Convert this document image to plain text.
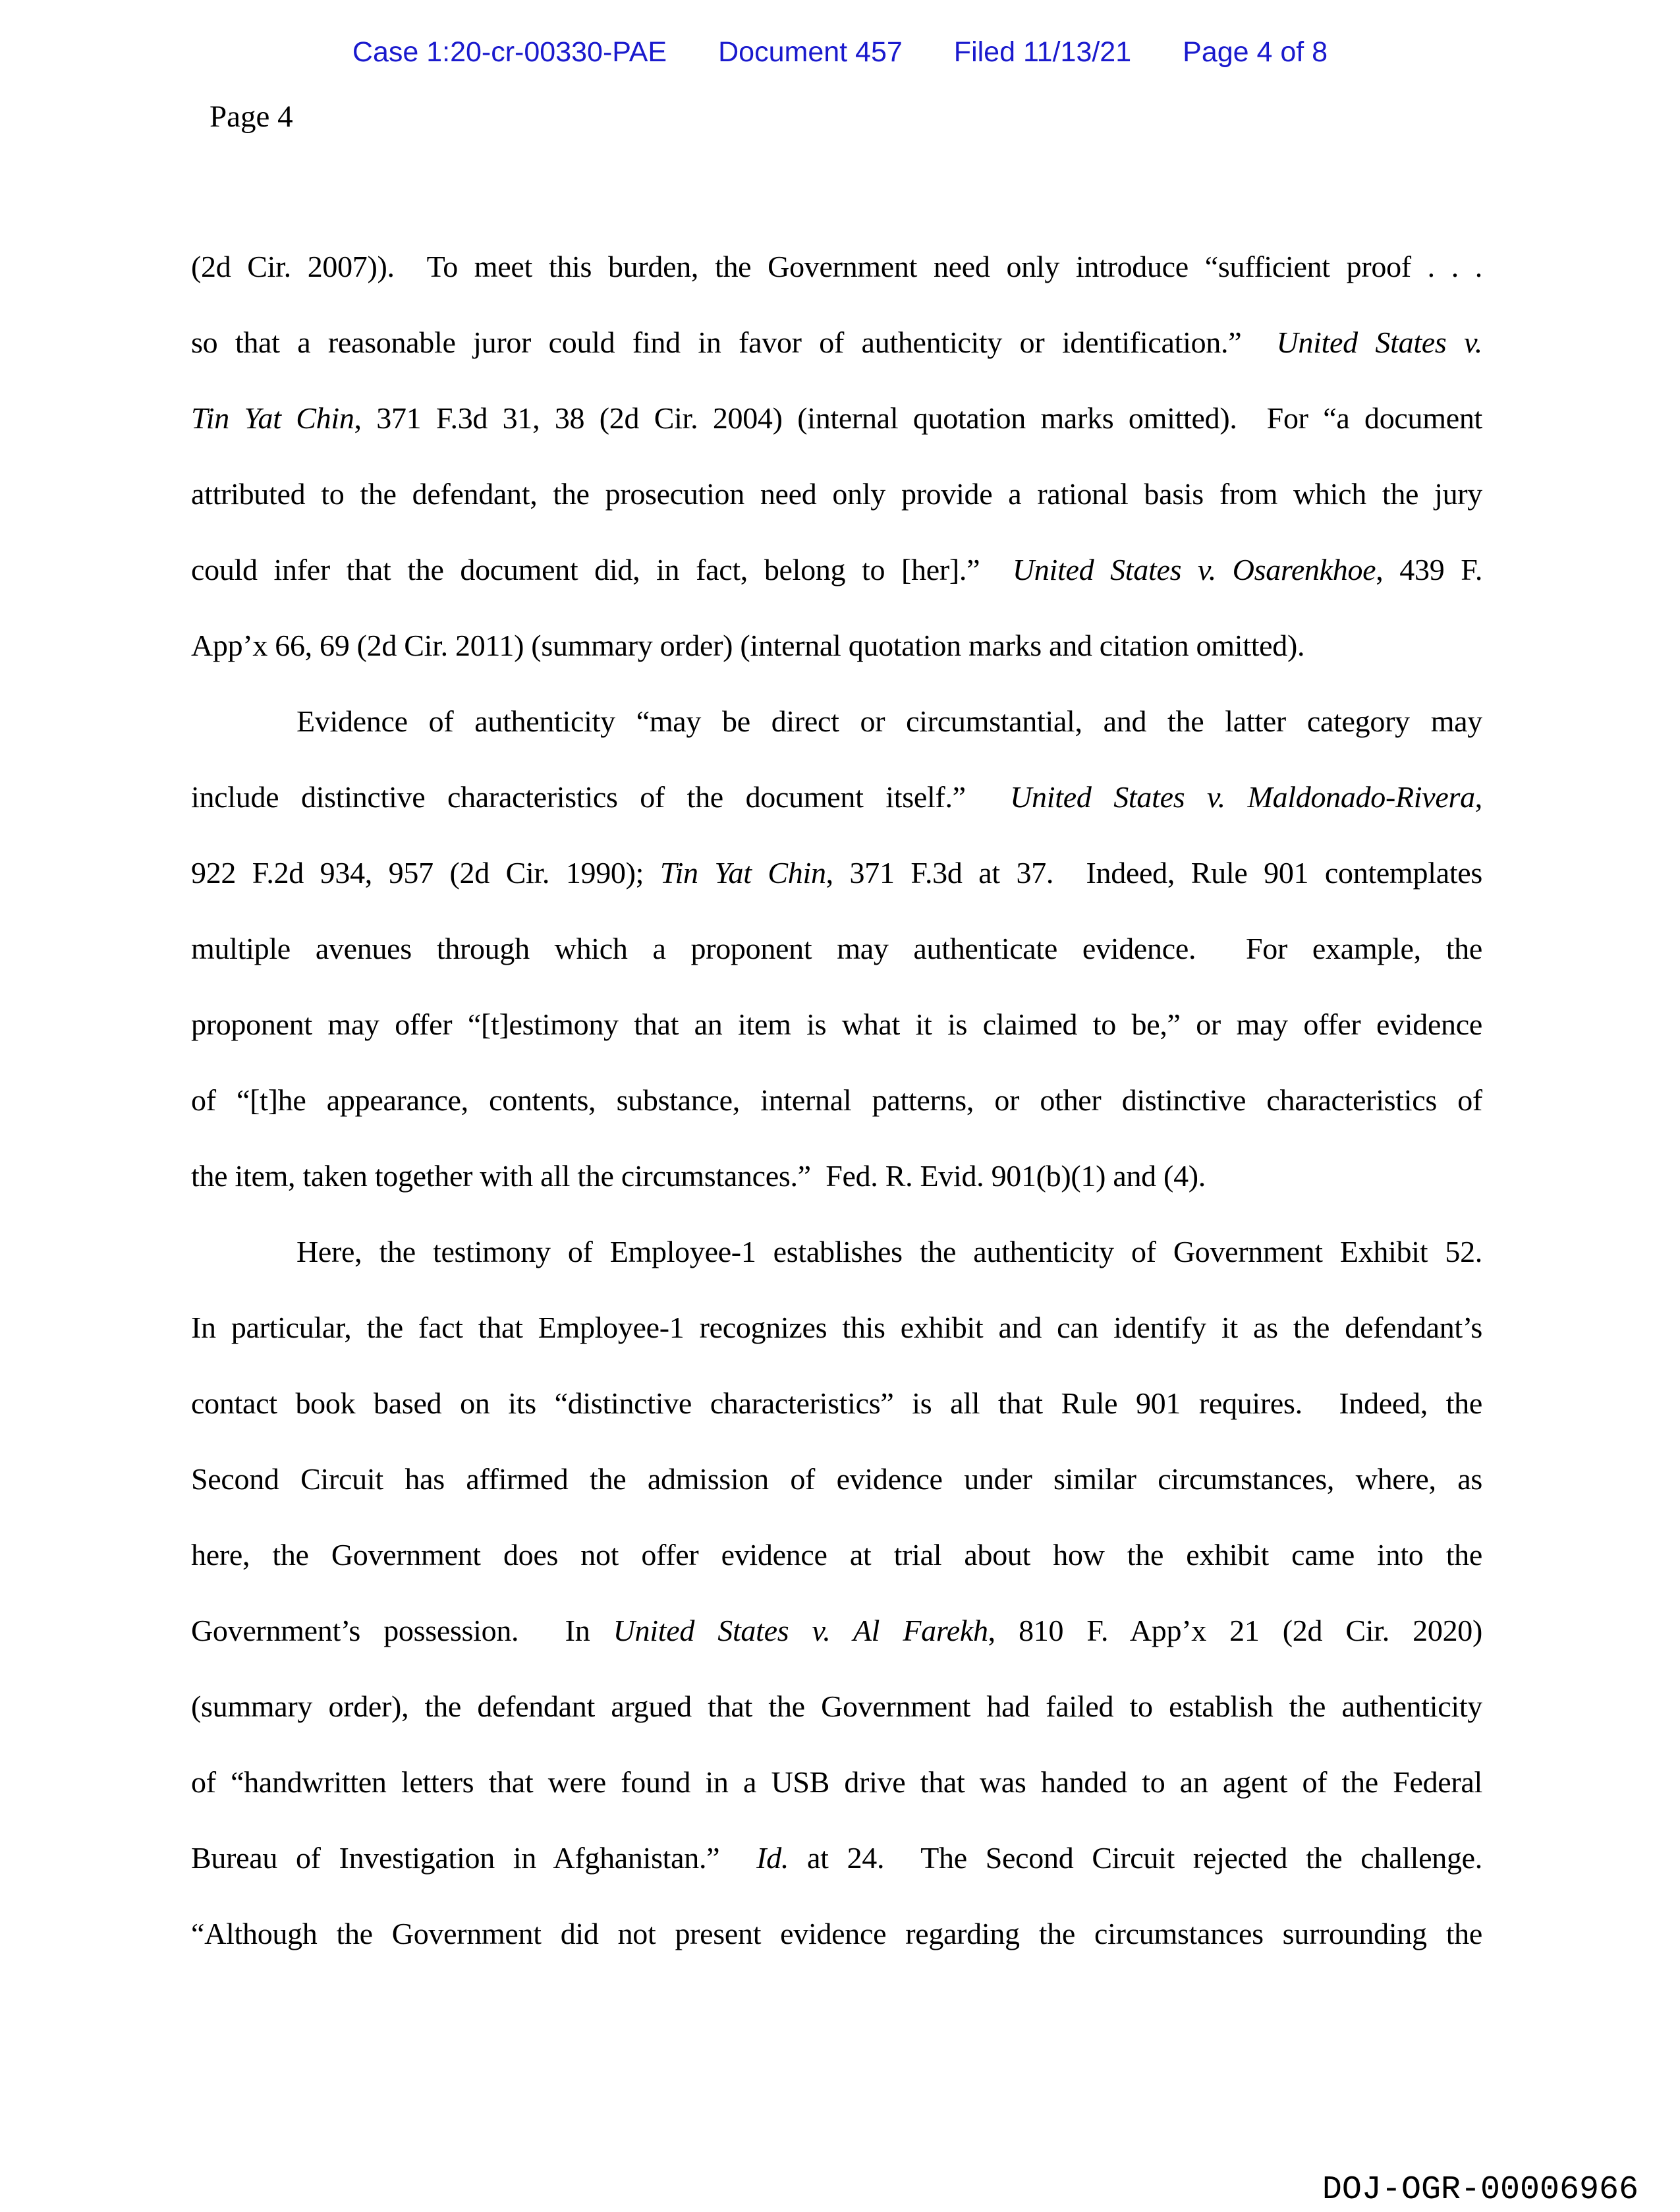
Case 1:20-cr-00330-PAE Document 457 Filed 11/13/21 Page 4 of 8
Page 4
(2d Cir. 2007)).  To meet this burden, the Government need only introduce “sufficient proof . . .
so that a reasonable juror could find in favor of authenticity or identification.”  United States v.
Tin Yat Chin, 371 F.3d 31, 38 (2d Cir. 2004) (internal quotation marks omitted).  For “a document
attributed to the defendant, the prosecution need only provide a rational basis from which the jury
could infer that the document did, in fact, belong to [her].”  United States v. Osarenkhoe, 439 F.
App’x 66, 69 (2d Cir. 2011) (summary order) (internal quotation marks and citation omitted).
Evidence of authenticity “may be direct or circumstantial, and the latter category may
include distinctive characteristics of the document itself.”  United States v. Maldonado-Rivera,
922 F.2d 934, 957 (2d Cir. 1990); Tin Yat Chin, 371 F.3d at 37.  Indeed, Rule 901 contemplates
multiple avenues through which a proponent may authenticate evidence.  For example, the
proponent may offer “[t]estimony that an item is what it is claimed to be,” or may offer evidence
of “[t]he appearance, contents, substance, internal patterns, or other distinctive characteristics of
the item, taken together with all the circumstances.”  Fed. R. Evid. 901(b)(1) and (4).
Here, the testimony of Employee-1 establishes the authenticity of Government Exhibit 52.
In particular, the fact that Employee-1 recognizes this exhibit and can identify it as the defendant’s
contact book based on its “distinctive characteristics” is all that Rule 901 requires.  Indeed, the
Second Circuit has affirmed the admission of evidence under similar circumstances, where, as
here, the Government does not offer evidence at trial about how the exhibit came into the
Government’s possession.  In United States v. Al Farekh, 810 F. App’x 21 (2d Cir. 2020)
(summary order), the defendant argued that the Government had failed to establish the authenticity
of “handwritten letters that were found in a USB drive that was handed to an agent of the Federal
Bureau of Investigation in Afghanistan.”  Id. at 24.  The Second Circuit rejected the challenge.
“Although the Government did not present evidence regarding the circumstances surrounding the
DOJ-OGR-00006966
